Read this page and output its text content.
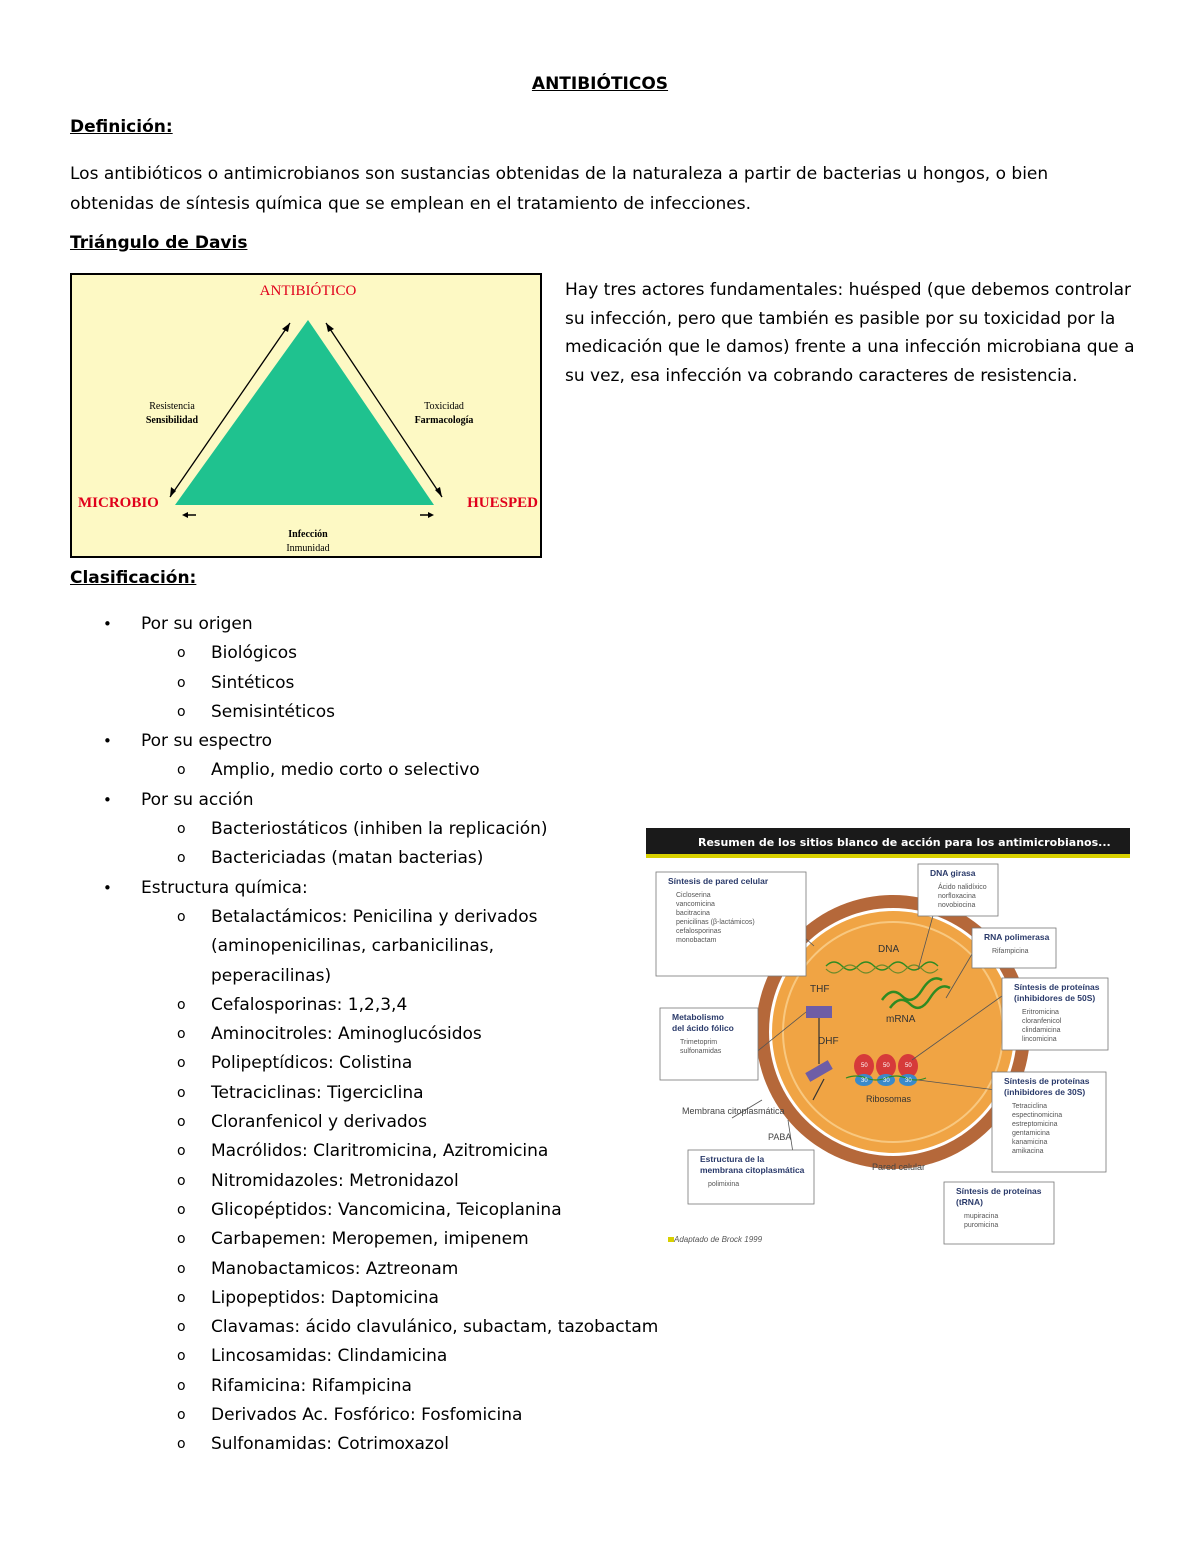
ANTIBIÓTICOS
Definición:
Los antibióticos o antimicrobianos son sustancias obtenidas de la naturaleza a partir de bacterias u hongos, o bien obtenidas de síntesis química que se emplean en el tratamiento de infecciones.
Triángulo de Davis
ANTIBIÓTICO
MICROBIO	HUESPED
Resistencia
Sensibilidad
Toxicidad
Farmacología
Infección
Inmunidad
Hay tres actores fundamentales: huésped (que debemos controlar su infección, pero que también es pasible por su toxicidad por la medicación que le damos) frente a una infección microbiana que a su vez, esa infección va cobrando caracteres de resistencia.
Clasificación:
• Por su origen
o Biológicos
o Sintéticos
o Semisintéticos
• Por su espectro
o Amplio, medio corto o selectivo
• Por su acción
o Bacteriostáticos (inhiben la replicación)
o Bactericiadas (matan bacterias)
• Estructura química:
o Betalactámicos: Penicilina y derivados (aminopenicilinas, carbanicilinas, peperacilinas)
o Cefalosporinas: 1,2,3,4
o Aminocitroles: Aminoglucósidos
o Polipeptídicos: Colistina
o Tetraciclinas: Tigerciclina
o Cloranfenicol y derivados
o Macrólidos: Claritromicina, Azitromicina
o Nitromidazoles: Metronidazol
o Glicopéptidos: Vancomicina, Teicoplanina
o Carbapemen: Meropemen, imipenem
o Manobactamicos: Aztreonam
o Lipopeptidos: Daptomicina
o Clavamas: ácido clavulánico, subactam, tazobactam
o Lincosamidas: Clindamicina
o Rifamicina: Rifampicina
o Derivados Ac. Fosfórico: Fosfomicina
o Sulfonamidas: Cotrimoxazol
Resumen de los sitios blanco de acción para los antimicrobianos...
DNA
mRNA
THF
DHF
50	50	50
30	30	30
Ribosomas
Membrana citoplasmática
PABA
Pared celular
Adaptado de Brock 1999
Síntesis de pared celular
Cicloserina
vancomicina
bacitracina
penicilinas (β-lactámicos)
cefalosporinas
monobactam
DNA girasa
Ácido nalidíxico
norfloxacina
novobiocina
RNA polimerasa
Rifampicina
Síntesis de proteínas
(inhibidores de 50S)
Eritromicina
cloranfenicol
clindamicina
lincomicina
Metabolismo
del ácido fólico
Trimetoprim
sulfonamidas
Síntesis de proteínas
(inhibidores de 30S)
Tetraciclina
espectinomicina
estreptomicina
gentamicina
kanamicina
amikacina
Estructura de la
membrana citoplasmática
polimixina
Síntesis de proteínas
(tRNA)
mupiracina
puromicina
